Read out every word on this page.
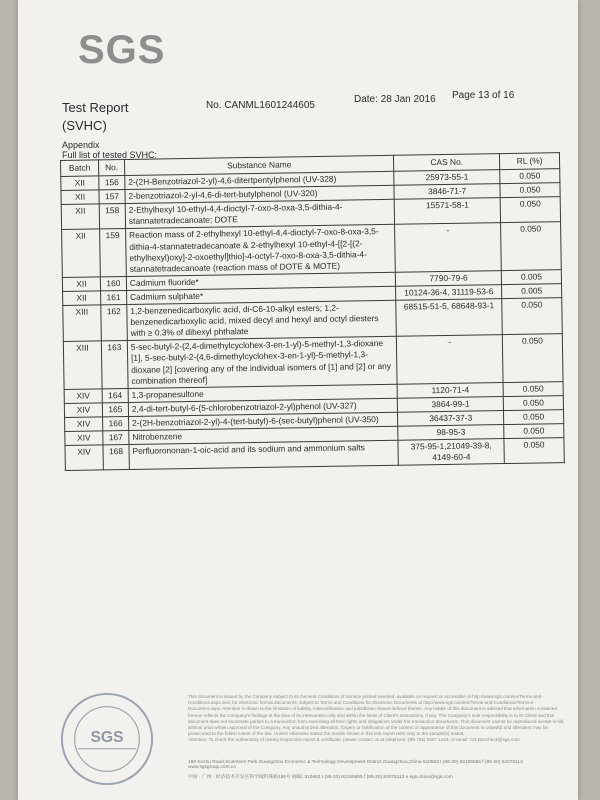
SGS
Test Report
(SVHC)
No. CANML1601244605
Date: 28 Jan 2016 Page 13 of 16
Appendix
Full list of tested SVHC:
Batch	No.	Substance Name	CAS No.	RL (%)
XII	156	2-(2H-Benzotriazol-2-yl)-4,6-ditertpentylphenol (UV-328)	25973-55-1	0.050
XII	157	2-benzotriazol-2-yl-4,6-di-tert-butylphenol (UV-320)	3846-71-7	0.050
XII	158	2-Ethylhexyl 10-ethyl-4,4-dioctyl-7-oxo-8-oxa-3,5-dithia-4-stannatetradecanoate; DOTE	15571-58-1	0.050
XII	159	Reaction mass of 2-ethylhexyl 10-ethyl-4,4-dioctyl-7-oxo-8-oxa-3,5-dithia-4-stannatetradecanoate & 2-ethylhexyl 10-ethyl-4-[[2-[(2-ethylhexyl)oxy]-2-oxoethyl]thio]-4-octyl-7-oxo-8-oxa-3,5-dithia-4-stannatetradecanoate (reaction mass of DOTE & MOTE)	-	0.050
XII	160	Cadmium fluoride*	7790-79-6	0.005
XII	161	Cadmium sulphate*	10124-36-4, 31119-53-6	0.005
XIII	162	1,2-benzenedicarboxylic acid, di-C6-10-alkyl esters; 1,2-benzenedicarboxylic acid, mixed decyl and hexyl and octyl diesters with ≥ 0.3% of dihexyl phthalate	68515-51-5, 68648-93-1	0.050
XIII	163	5-sec-butyl-2-(2,4-dimethylcyclohex-3-en-1-yl)-5-methyl-1,3-dioxane [1], 5-sec-butyl-2-(4,6-dimethylcyclohex-3-en-1-yl)-5-methyl-1,3-dioxane [2] [covering any of the individual isomers of [1] and [2] or any combination thereof]	-	0.050
XIV	164	1,3-propanesultone	1120-71-4	0.050
XIV	165	2,4-di-tert-butyl-6-(5-chlorobenzotriazol-2-yl)phenol (UV-327)	3864-99-1	0.050
XIV	166	2-(2H-benzotriazol-2-yl)-4-(tert-butyl)-6-(sec-butyl)phenol (UV-350)	36437-37-3	0.050
XIV	167	Nitrobenzene	98-95-3	0.050
XIV	168	Perfluorononan-1-oic-acid and its sodium and ammonium salts	375-95-1,21049-39-8, 4149-60-4	0.050
SGS
This document is issued by the Company subject to its General Conditions of Service printed overleaf, available on request or accessible at http://www.sgs.com/en/Terms-and-Conditions.aspx and, for electronic format documents, subject to Terms and Conditions for Electronic Documents at http://www.sgs.com/en/Terms-and-Conditions/Terms-e-Document.aspx. Attention is drawn to the limitation of liability, indemnification and jurisdiction issues defined therein. Any holder of this document is advised that information contained hereon reflects the Company's findings at the time of its intervention only and within the limits of Client's instructions, if any. The Company's sole responsibility is to its Client and this document does not exonerate parties to a transaction from exercising all their rights and obligations under the transaction documents. This document cannot be reproduced except in full, without prior written approval of the Company. Any unauthorized alteration, forgery or falsification of the content or appearance of this document is unlawful and offenders may be prosecuted to the fullest extent of the law. Unless otherwise stated the results shown in this test report refer only to the sample(s) tested.
Attention: To check the authenticity of testing /inspection report & certificate, please contact us at telephone: (86-755) 8307 1443, or email: CN.Doccheck@sgs.com
198 Kezhu Road,Scientech Park Guangzhou Economic & Technology Development District,Guangzhou,China 510663 t (86-20) 82155555 f (86-20) 82075113 www.sgsgroup.com.cn
中国 · 广州 · 经济技术开发区科学城科珠路198号 邮编: 510663 t (86-20) 82155555 f (86-20) 82075113 e sgs.china@sgs.com
